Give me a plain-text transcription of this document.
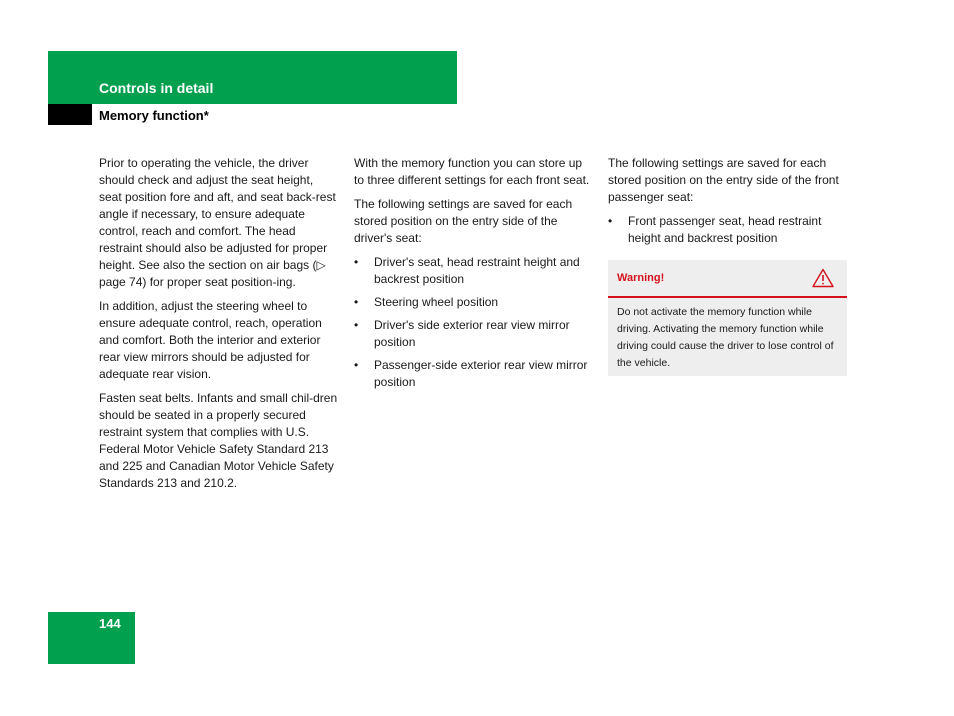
Controls in detail
Memory function*

Prior to operating the vehicle, the driver should check and adjust the seat height, seat position fore and aft, and seat back-rest angle if necessary, to ensure adequate control, reach and comfort. The head restraint should also be adjusted for proper height. See also the section on air bags (▷ page 74) for proper seat position-ing.

In addition, adjust the steering wheel to ensure adequate control, reach, operation and comfort. Both the interior and exterior rear view mirrors should be adjusted for adequate rear vision.

Fasten seat belts. Infants and small chil-dren should be seated in a properly secured restraint system that complies with U.S. Federal Motor Vehicle Safety Standard 213 and 225 and Canadian Motor Vehicle Safety Standards 213 and 210.2.

With the memory function you can store up to three different settings for each front seat.

The following settings are saved for each stored position on the entry side of the driver's seat:

• Driver's seat, head restraint height and backrest position
• Steering wheel position
• Driver's side exterior rear view mirror position
• Passenger-side exterior rear view mirror position

The following settings are saved for each stored position on the entry side of the front passenger seat:

• Front passenger seat, head restraint height and backrest position
Warning!
Do not activate the memory function while driving. Activating the memory function while driving could cause the driver to lose control of the vehicle.
144
